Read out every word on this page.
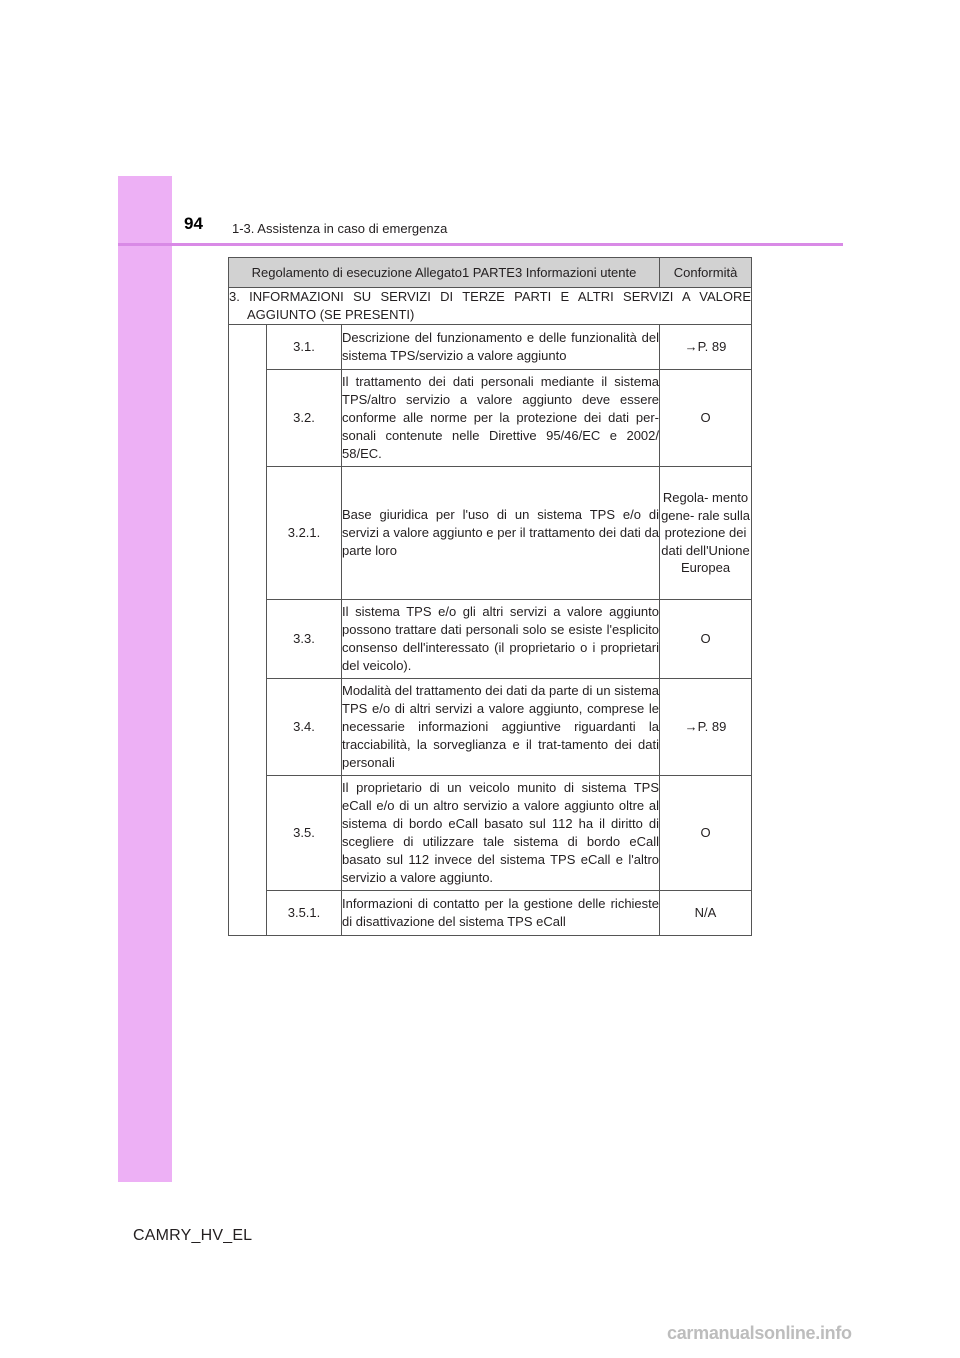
94 1-3. Assistenza in caso di emergenza
Regolamento di esecuzione Allegato1 PARTE3 Informazioni utente			Conformità

3. INFORMAZIONI SU SERVIZI DI TERZE PARTI E ALTRI SERVIZI A VALORE
AGGIUNTO (SE PRESENTI)			

	3.1.	Descrizione del funzionamento e delle funzionalità del sistema TPS/servizio a valore aggiunto	→P. 89
	3.2.	Il trattamento dei dati personali mediante il sistema TPS/altro servizio a valore aggiunto deve essere conforme alle norme per la protezione dei dati per-sonali contenute nelle Direttive 95/46/EC e 2002/ 58/EC.	O
	3.2.1.	Base giuridica per l'uso di un sistema TPS e/o di servizi a valore aggiunto e per il trattamento dei dati da parte loro	Regola- mento gene- rale sulla protezione dei dati dell'Unione Europea
	3.3.	Il sistema TPS e/o gli altri servizi a valore aggiunto possono trattare dati personali solo se esiste l'esplicito consenso dell'interessato (il proprietario o i proprietari del veicolo).	O
	3.4.	Modalità del trattamento dei dati da parte di un sistema TPS e/o di altri servizi a valore aggiunto, comprese le necessarie informazioni aggiuntive riguardanti la tracciabilità, la sorveglianza e il trat-tamento dei dati personali	→P. 89
	3.5.	Il proprietario di un veicolo munito di sistema TPS eCall e/o di un altro servizio a valore aggiunto oltre al sistema di bordo eCall basato sul 112 ha il diritto di scegliere di utilizzare tale sistema di bordo eCall basato sul 112 invece del sistema TPS eCall e l'altro servizio a valore aggiunto.	O
	3.5.1.	Informazioni di contatto per la gestione delle richieste di disattivazione del sistema TPS eCall	N/A
CAMRY_HV_EL
carmanualsonline.info
